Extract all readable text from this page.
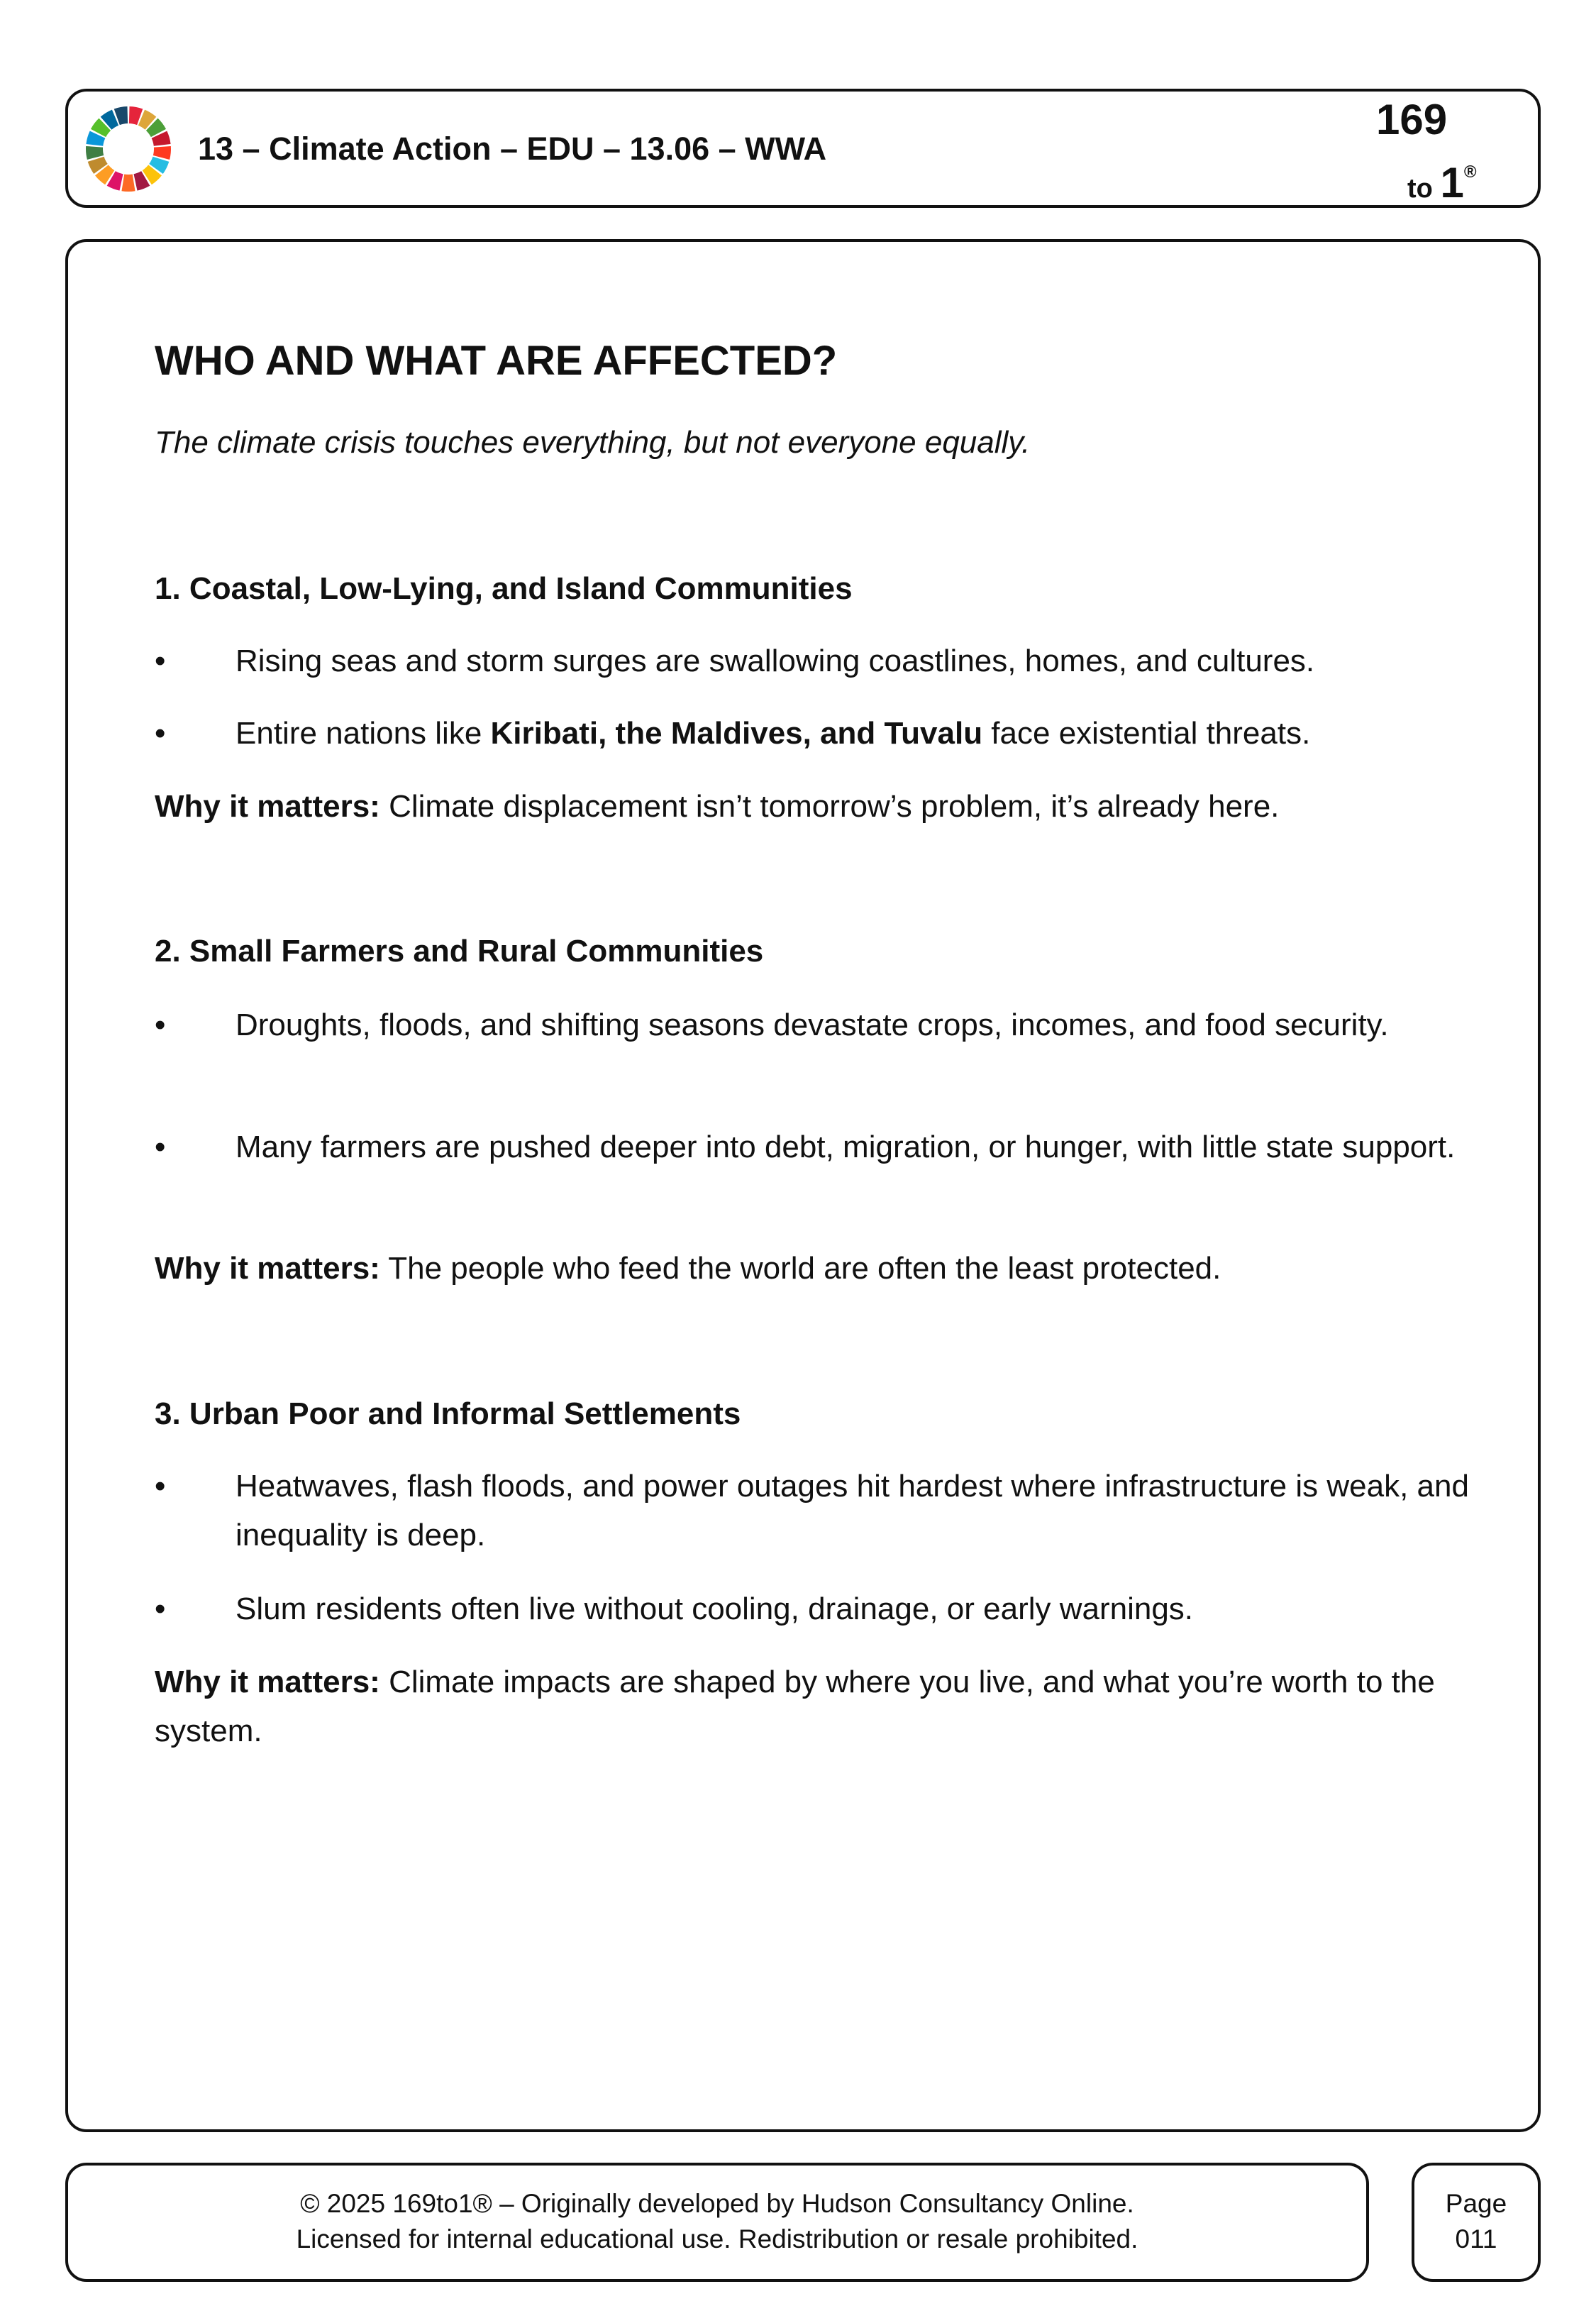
13 – Climate Action – EDU – 13.06 – WWA
169
to 1®
WHO AND WHAT ARE AFFECTED?
The climate crisis touches everything, but not everyone equally.
1. Coastal, Low-Lying, and Island Communities
• Rising seas and storm surges are swallowing coastlines, homes, and cultures.
• Entire nations like Kiribati, the Maldives, and Tuvalu face existential threats.
Why it matters: Climate displacement isn’t tomorrow’s problem, it’s already here.
2. Small Farmers and Rural Communities
• Droughts, floods, and shifting seasons devastate crops, incomes, and food security.
• Many farmers are pushed deeper into debt, migration, or hunger, with little state support.
Why it matters: The people who feed the world are often the least protected.
3. Urban Poor and Informal Settlements
• Heatwaves, flash floods, and power outages hit hardest where infrastructure is weak, and inequality is deep.
• Slum residents often live without cooling, drainage, or early warnings.
Why it matters: Climate impacts are shaped by where you live, and what you’re worth to the system.
© 2025 169to1® – Originally developed by Hudson Consultancy Online.
Licensed for internal educational use. Redistribution or resale prohibited.
Page
011
